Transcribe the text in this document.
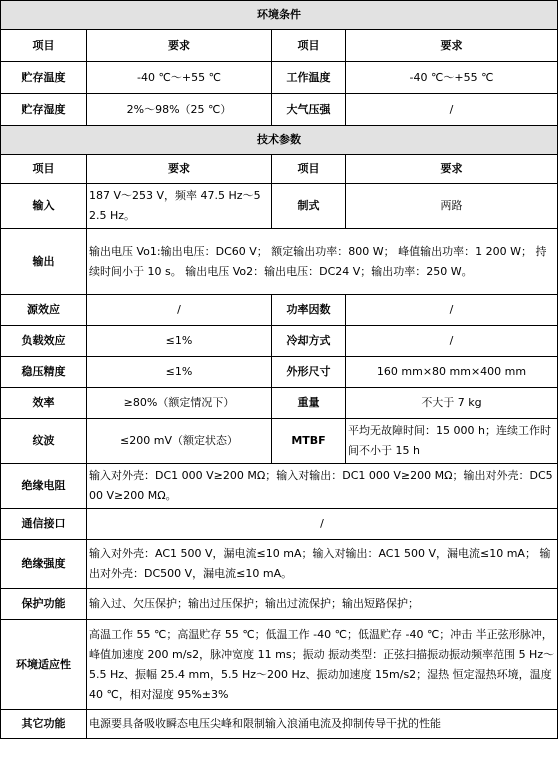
环境条件			
项目	要求	项目	要求
贮存温度	-40 ℃～+55 ℃	工作温度	-40 ℃～+55 ℃
贮存湿度	2%～98%（25 ℃）	大气压强	/
技术参数			
项目	要求	项目	要求
输入	187 V～253 V，频率 47.5 Hz～52.5 Hz。	制式	两路
输出	输出电压 Vo1:输出电压：DC60 V； 额定输出功率：800 W； 峰值输出功率：1 200 W； 持续时间小于 10 s。 输出电压 Vo2：输出电压：DC24 V；输出功率：250 W。		
源效应	/	功率因数	/
负载效应	≤1%	冷却方式	/
稳压精度	≤1%	外形尺寸	160 mm×80 mm×400 mm
效率	≥80%（额定情况下）	重量	不大于 7 kg
纹波	≤200 mV（额定状态）	MTBF	平均无故障时间：15 000 h；连续工作时间不小于 15 h
绝缘电阻	输入对外壳：DC1 000 V≥200 MΩ；输入对输出：DC1 000 V≥200 MΩ；输出对外壳：DC500 V≥200 MΩ。		
通信接口	/		
绝缘强度	输入对外壳：AC1 500 V，漏电流≤10 mA；输入对输出：AC1 500 V，漏电流≤10 mA； 输出对外壳：DC500 V，漏电流≤10 mA。		
保护功能	输入过、欠压保护；输出过压保护；输出过流保护；输出短路保护；		
环境适应性	高温工作 55 ℃；高温贮存 55 ℃；低温工作 -40 ℃；低温贮存 -40 ℃；冲击 半正弦形脉冲，峰值加速度 200 m/s2，脉冲宽度 11 ms；振动 振动类型：正弦扫描振动振动频率范围 5 Hz～5.5 Hz、振幅 25.4 mm，5.5 Hz～200 Hz、振动加速度 15m/s2；湿热 恒定湿热环境，温度 40 ℃，相对湿度 95%±3%		
其它功能	电源要具备吸收瞬态电压尖峰和限制输入浪涌电流及抑制传导干扰的性能		
